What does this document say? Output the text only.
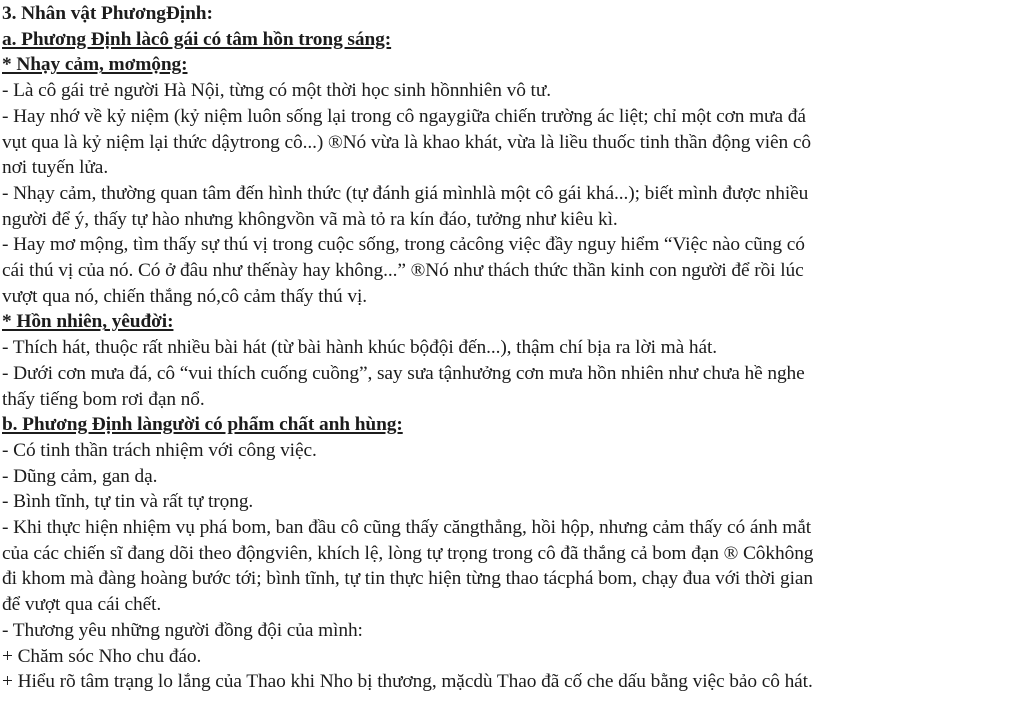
3. Nhân vật PhươngĐịnh:
a. Phương Định làcô gái có tâm hồn trong sáng:
* Nhạy cảm, mơmộng:
- Là cô gái trẻ người Hà Nội, từng có một thời học sinh hồnnhiên vô tư.
- Hay nhớ về kỷ niệm (kỷ niệm luôn sống lại trong cô ngaygiữa chiến trường ác liệt; chỉ một cơn mưa đá
vụt qua là kỷ niệm lại thức dậytrong cô...) ®Nó vừa là khao khát, vừa là liều thuốc tinh thần động viên cô
nơi tuyến lửa.
- Nhạy cảm, thường quan tâm đến hình thức (tự đánh giá mìnhlà một cô gái khá...); biết mình được nhiều
người để ý, thấy tự hào nhưng khôngvồn vã mà tỏ ra kín đáo, tưởng như kiêu kì.
- Hay mơ mộng, tìm thấy sự thú vị trong cuộc sống, trong cảcông việc đầy nguy hiểm “Việc nào cũng có
cái thú vị của nó. Có ở đâu như thếnày hay không...” ®Nó như thách thức thần kinh con người để rồi lúc
vượt qua nó, chiến thắng nó,cô cảm thấy thú vị.
* Hồn nhiên, yêuđời:
- Thích hát, thuộc rất nhiều bài hát (từ bài hành khúc bộđội đến...), thậm chí bịa ra lời mà hát.
- Dưới cơn mưa đá, cô “vui thích cuống cuồng”, say sưa tậnhưởng cơn mưa hồn nhiên như chưa hề nghe
thấy tiếng bom rơi đạn nổ.
b. Phương Định làngười có phẩm chất anh hùng:
- Có tinh thần trách nhiệm với công việc.
- Dũng cảm, gan dạ.
- Bình tĩnh, tự tin và rất tự trọng.
- Khi thực hiện nhiệm vụ phá bom, ban đầu cô cũng thấy căngthẳng, hồi hộp, nhưng cảm thấy có ánh mắt
của các chiến sĩ đang dõi theo độngviên, khích lệ, lòng tự trọng trong cô đã thắng cả bom đạn ® Côkhông
đi khom mà đàng hoàng bước tới; bình tĩnh, tự tin thực hiện từng thao tácphá bom, chạy đua với thời gian
để vượt qua cái chết.
- Thương yêu những người đồng đội của mình:
+ Chăm sóc Nho chu đáo.
+ Hiểu rõ tâm trạng lo lắng của Thao khi Nho bị thương, mặcdù Thao đã cố che dấu bằng việc bảo cô hát.
